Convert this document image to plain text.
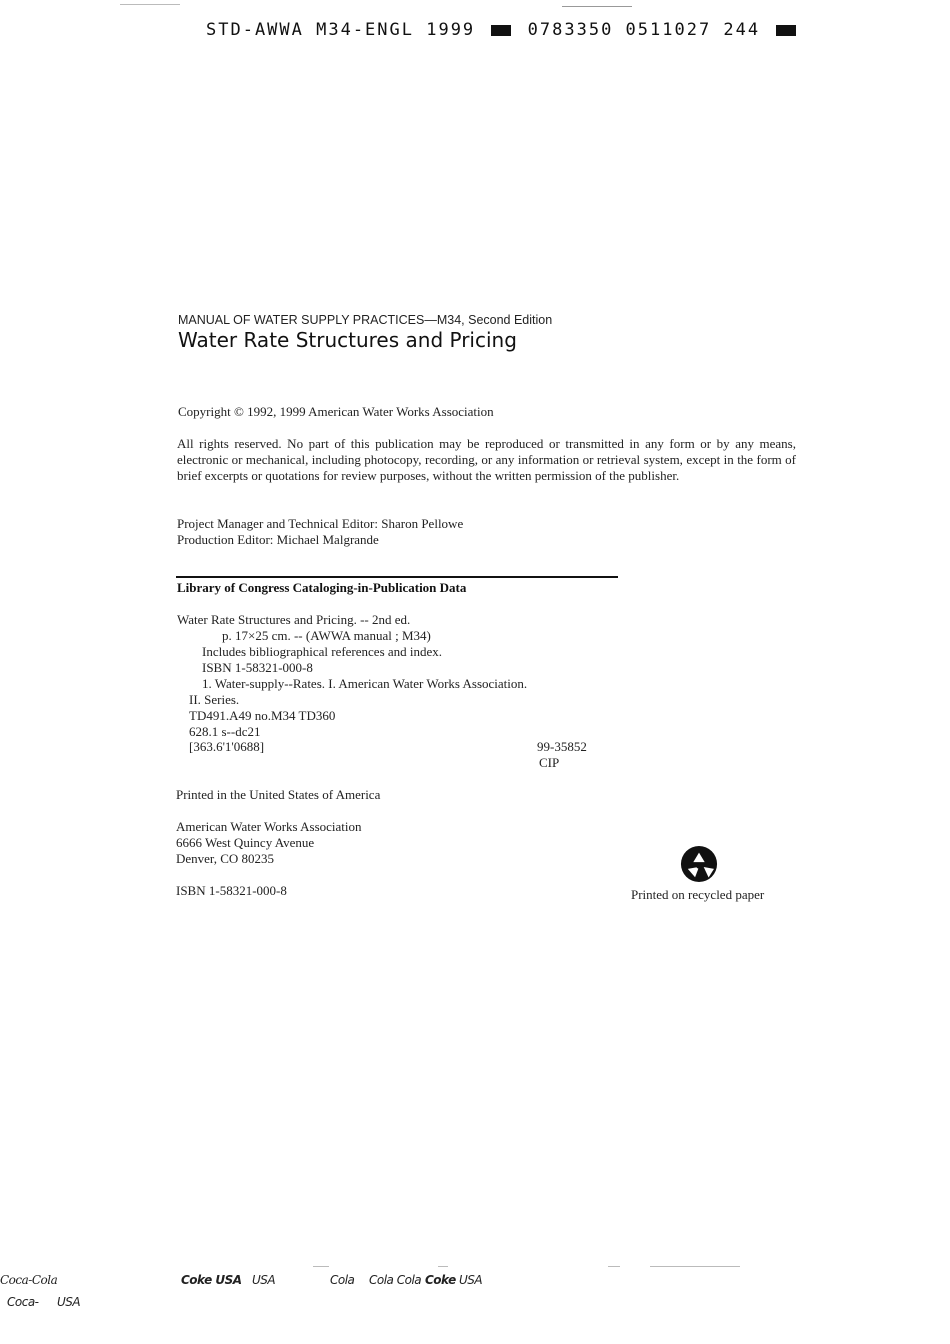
STD-AWWA M34-ENGL 1999	0783350 0511027 244
MANUAL OF WATER SUPPLY PRACTICES—M34, Second Edition
Water Rate Structures and Pricing
Copyright © 1992, 1999 American Water Works Association
All rights reserved. No part of this publication may be reproduced or transmitted in any form or by any means, electronic or mechanical, including photocopy, recording, or any information or retrieval system, except in the form of brief excerpts or quotations for review purposes, without the written permission of the publisher.
Project Manager and Technical Editor: Sharon Pellowe
Production Editor: Michael Malgrande
Library of Congress Cataloging-in-Publication Data
Water Rate Structures and Pricing. -- 2nd ed.
p. 17×25 cm. -- (AWWA manual ; M34)
Includes bibliographical references and index.
ISBN 1-58321-000-8
1. Water-supply--Rates. I. American Water Works Association.
II. Series.
TD491.A49 no.M34 TD360
628.1 s--dc21
[363.6'1'0688]	99-35852
CIP
Printed in the United States of America
American Water Works Association
6666 West Quincy Avenue
Denver, CO 80235
ISBN 1-58321-000-8	Printed on recycled paper
Coca-Cola	Coke USA USA	Cola Cola Cola Coke USA
Coca- USA
